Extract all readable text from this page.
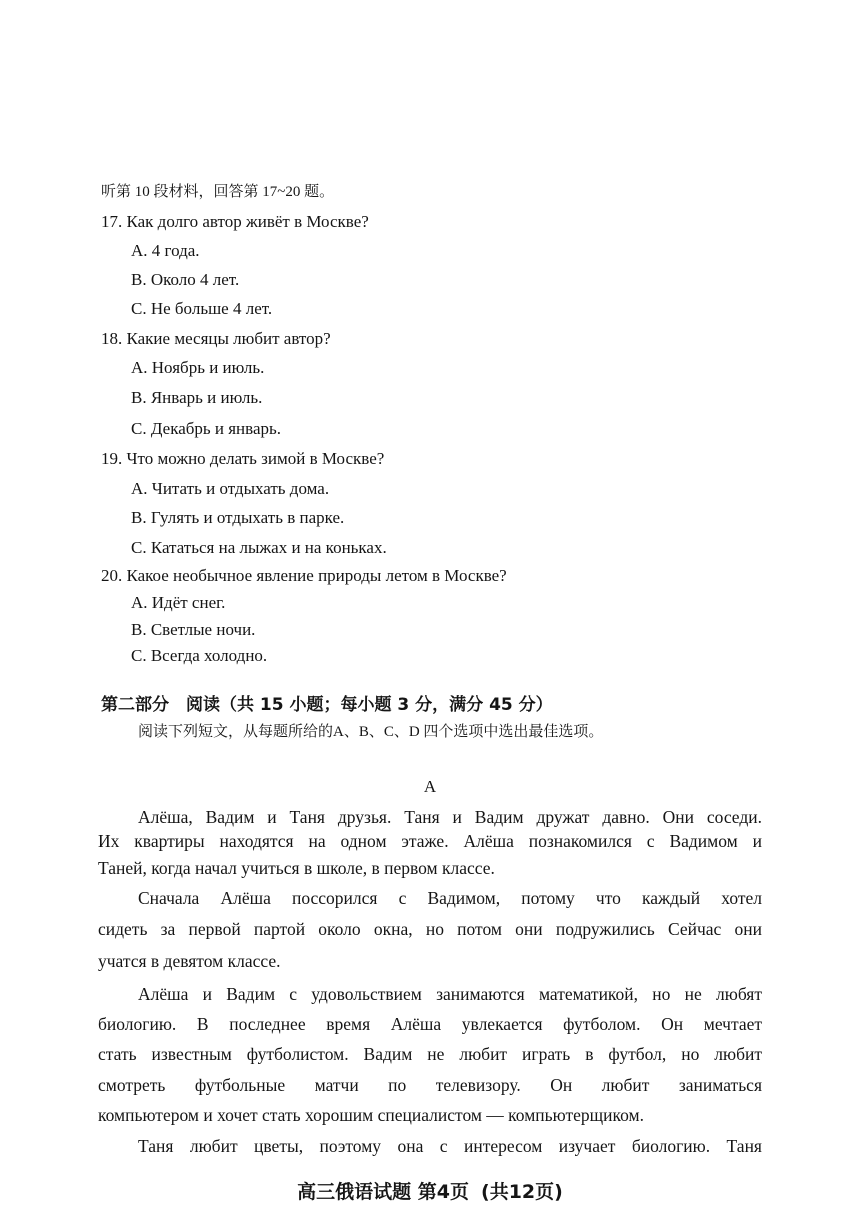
听第 10 段材料，回答第 17~20 题。
17. Как долго автор живёт в Москве?
A. 4 года.
B. Около 4 лет.
C. Не больше 4 лет.
18. Какие месяцы любит автор?
A. Ноябрь и июль.
B. Январь и июль.
C. Декабрь и январь.
19. Что можно делать зимой в Москве?
A. Читать и отдыхать дома.
B. Гулять и отдыхать в парке.
C. Кататься на лыжах и на коньках.
20. Какое необычное явление природы летом в Москве?
A. Идёт снег.
B. Светлые ночи.
C. Всегда холодно.
第二部分　阅读（共 15 小题；每小题 3 分，满分 45 分）
阅读下列短文，从每题所给的A、B、C、D 四个选项中选出最佳选项。
A
Алёша, Вадим и Таня друзья. Таня и Вадим дружат давно. Они соседи.
Их квартиры находятся на одном этаже. Алёша познакомился с Вадимом и
Таней, когда начал учиться в школе, в первом классе.
Сначала Алёша поссорился с Вадимом, потому что каждый хотел
сидеть за первой партой около окна, но потом они подружились Сейчас они
учатся в девятом классе.
Алёша и Вадим с удовольствием занимаются математикой, но не любят
биологию. В последнее время Алёша увлекается футболом. Он мечтает
стать известным футболистом. Вадим не любит играть в футбол, но любит
смотреть футбольные матчи по телевизору. Он любит заниматься
компьютером и хочет стать хорошим специалистом — компьютерщиком.
Таня любит цветы, поэтому она с интересом изучает биологию. Таня
高三俄语试题 第4页 (共12页)
